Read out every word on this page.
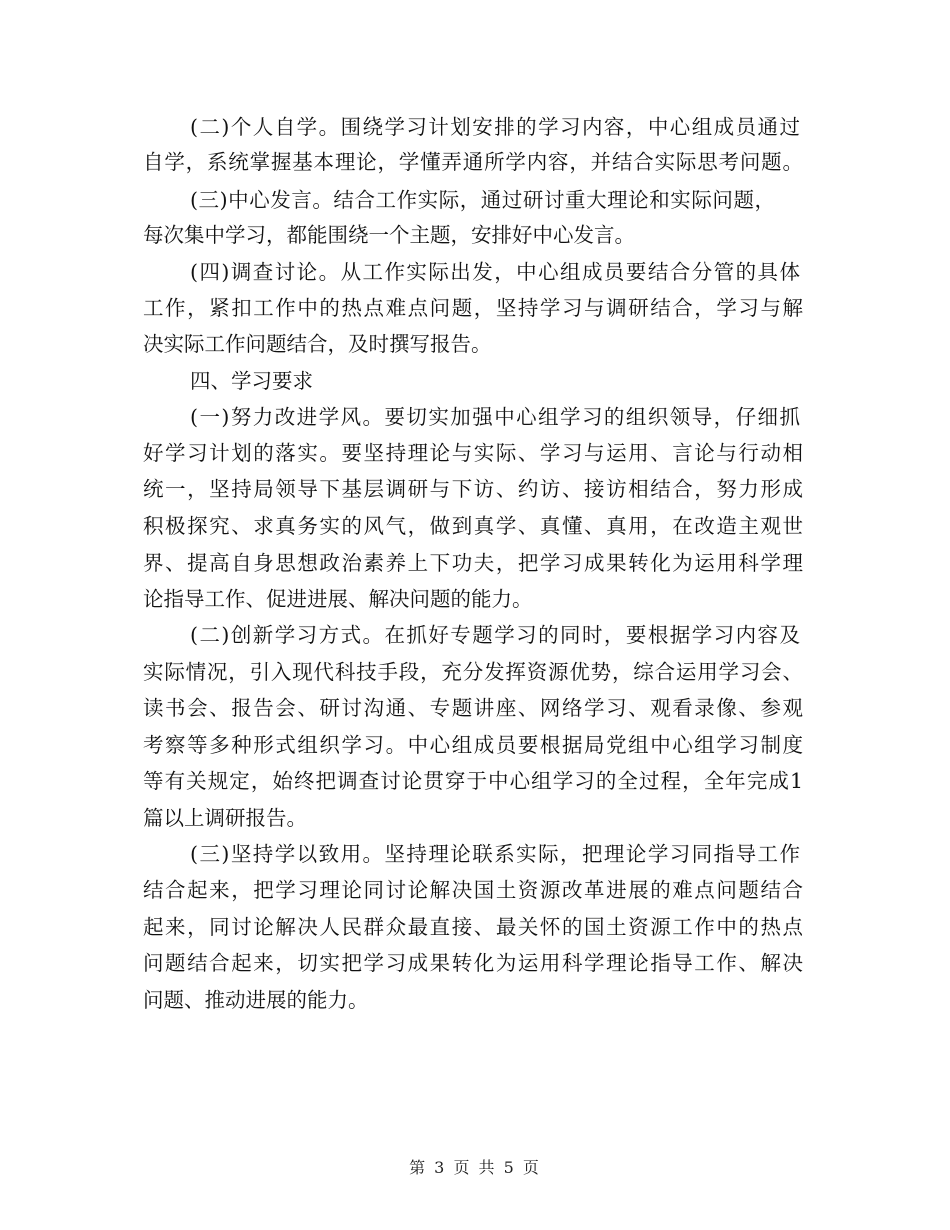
(二)个人自学。围绕学习计划安排的学习内容，中心组成员通过
自学，系统掌握基本理论，学懂弄通所学内容，并结合实际思考问题。
(三)中心发言。结合工作实际，通过研讨重大理论和实际问题，
每次集中学习，都能围绕一个主题，安排好中心发言。
(四)调查讨论。从工作实际出发，中心组成员要结合分管的具体
工作，紧扣工作中的热点难点问题，坚持学习与调研结合，学习与解
决实际工作问题结合，及时撰写报告。
四、学习要求
(一)努力改进学风。要切实加强中心组学习的组织领导，仔细抓
好学习计划的落实。要坚持理论与实际、学习与运用、言论与行动相
统一，坚持局领导下基层调研与下访、约访、接访相结合，努力形成
积极探究、求真务实的风气，做到真学、真懂、真用，在改造主观世
界、提高自身思想政治素养上下功夫，把学习成果转化为运用科学理
论指导工作、促进进展、解决问题的能力。
(二)创新学习方式。在抓好专题学习的同时，要根据学习内容及
实际情况，引入现代科技手段，充分发挥资源优势，综合运用学习会、
读书会、报告会、研讨沟通、专题讲座、网络学习、观看录像、参观
考察等多种形式组织学习。中心组成员要根据局党组中心组学习制度
等有关规定，始终把调查讨论贯穿于中心组学习的全过程，全年完成1
篇以上调研报告。
(三)坚持学以致用。坚持理论联系实际，把理论学习同指导工作
结合起来，把学习理论同讨论解决国土资源改革进展的难点问题结合
起来，同讨论解决人民群众最直接、最关怀的国土资源工作中的热点
问题结合起来，切实把学习成果转化为运用科学理论指导工作、解决
问题、推动进展的能力。
第 3 页 共 5 页
